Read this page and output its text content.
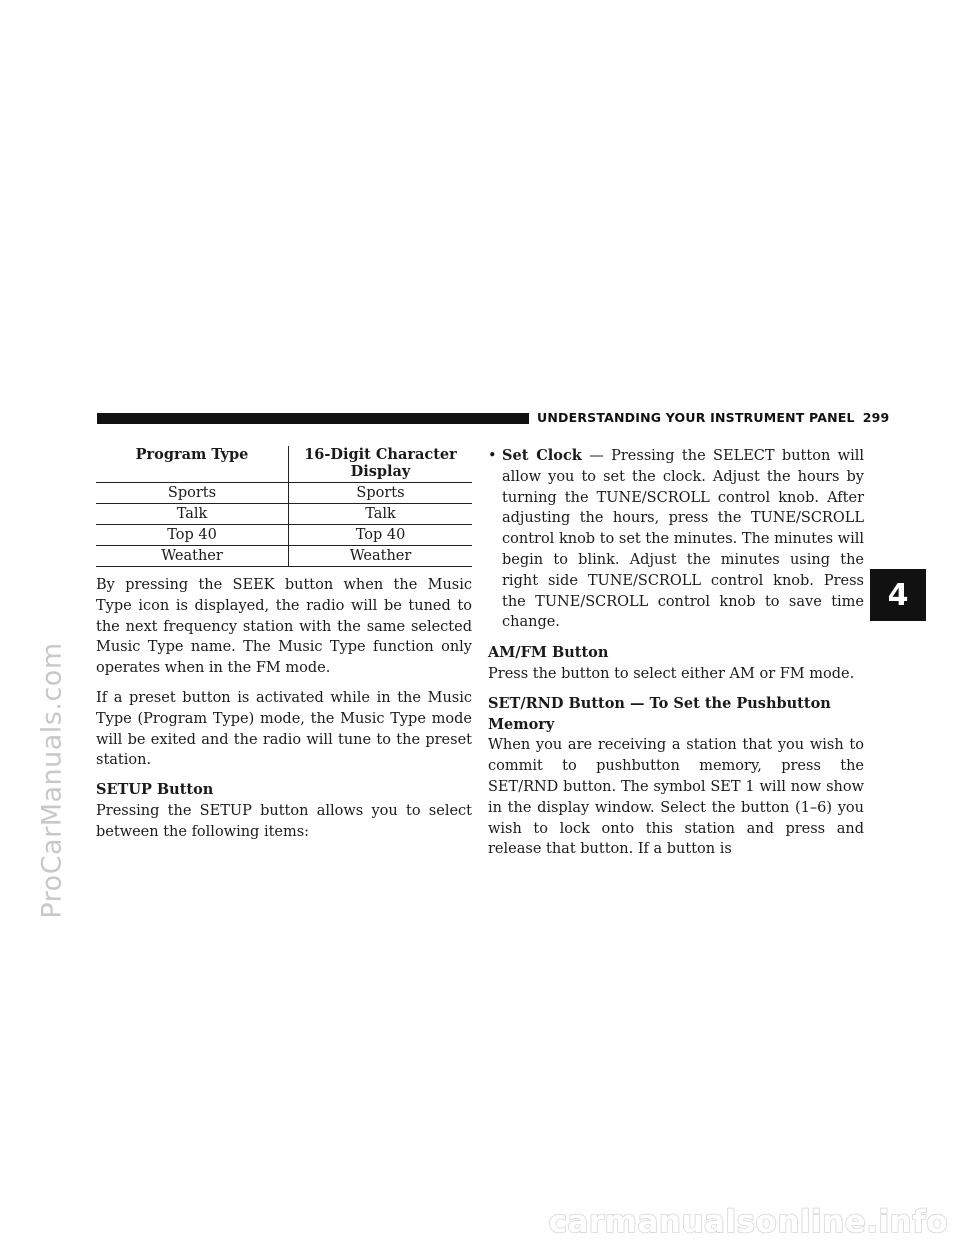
ProCarManuals.com
UNDERSTANDING YOUR INSTRUMENT PANEL 299
4
Program Type	16-Digit Character Display
Sports	Sports
Talk	Talk
Top 40	Top 40
Weather	Weather

By pressing the SEEK button when the Music Type icon is displayed, the radio will be tuned to the next frequency station with the same selected Music Type name. The Music Type function only operates when in the FM mode.

If a preset button is activated while in the Music Type (Program Type) mode, the Music Type mode will be exited and the radio will tune to the preset station.

SETUP Button

Pressing the SETUP button allows you to select between the following items:

• Set Clock — Pressing the SELECT button will allow you to set the clock. Adjust the hours by turning the TUNE/SCROLL control knob. After adjusting the hours, press the TUNE/SCROLL control knob to set the minutes. The minutes will begin to blink. Adjust the minutes using the right side TUNE/SCROLL control knob. Press the TUNE/SCROLL control knob to save time change.

AM/FM Button

Press the button to select either AM or FM mode.

SET/RND Button — To Set the Pushbutton Memory

When you are receiving a station that you wish to commit to pushbutton memory, press the SET/RND button. The symbol SET 1 will now show in the display window. Select the button (1–6) you wish to lock onto this station and press and release that button. If a button is

carmanualsonline.info
